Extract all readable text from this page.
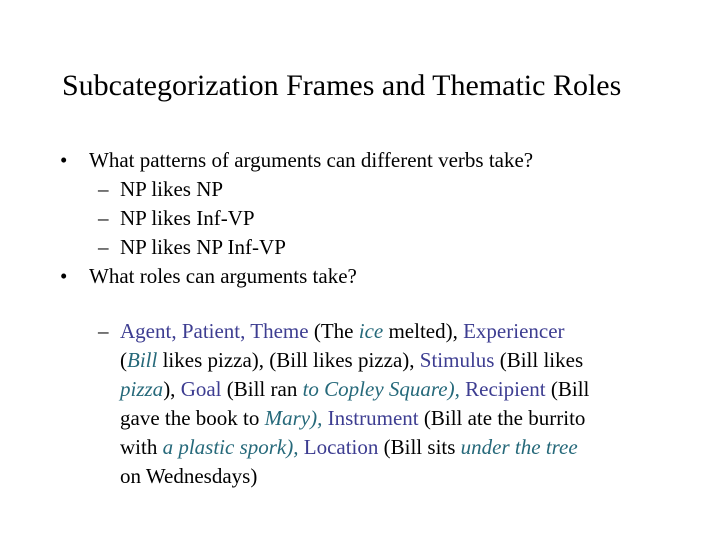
Subcategorization Frames and Thematic Roles
• What patterns of arguments can different verbs take?
– NP likes NP
– NP likes Inf-VP
– NP likes NP Inf-VP
• What roles can arguments take?
– Agent, Patient, Theme (The ice melted), Experiencer
(Bill likes pizza), (Bill likes pizza), Stimulus (Bill likes
pizza), Goal (Bill ran to Copley Square), Recipient (Bill
gave the book to Mary), Instrument (Bill ate the burrito
with a plastic spork), Location (Bill sits under the tree
on Wednesdays)
